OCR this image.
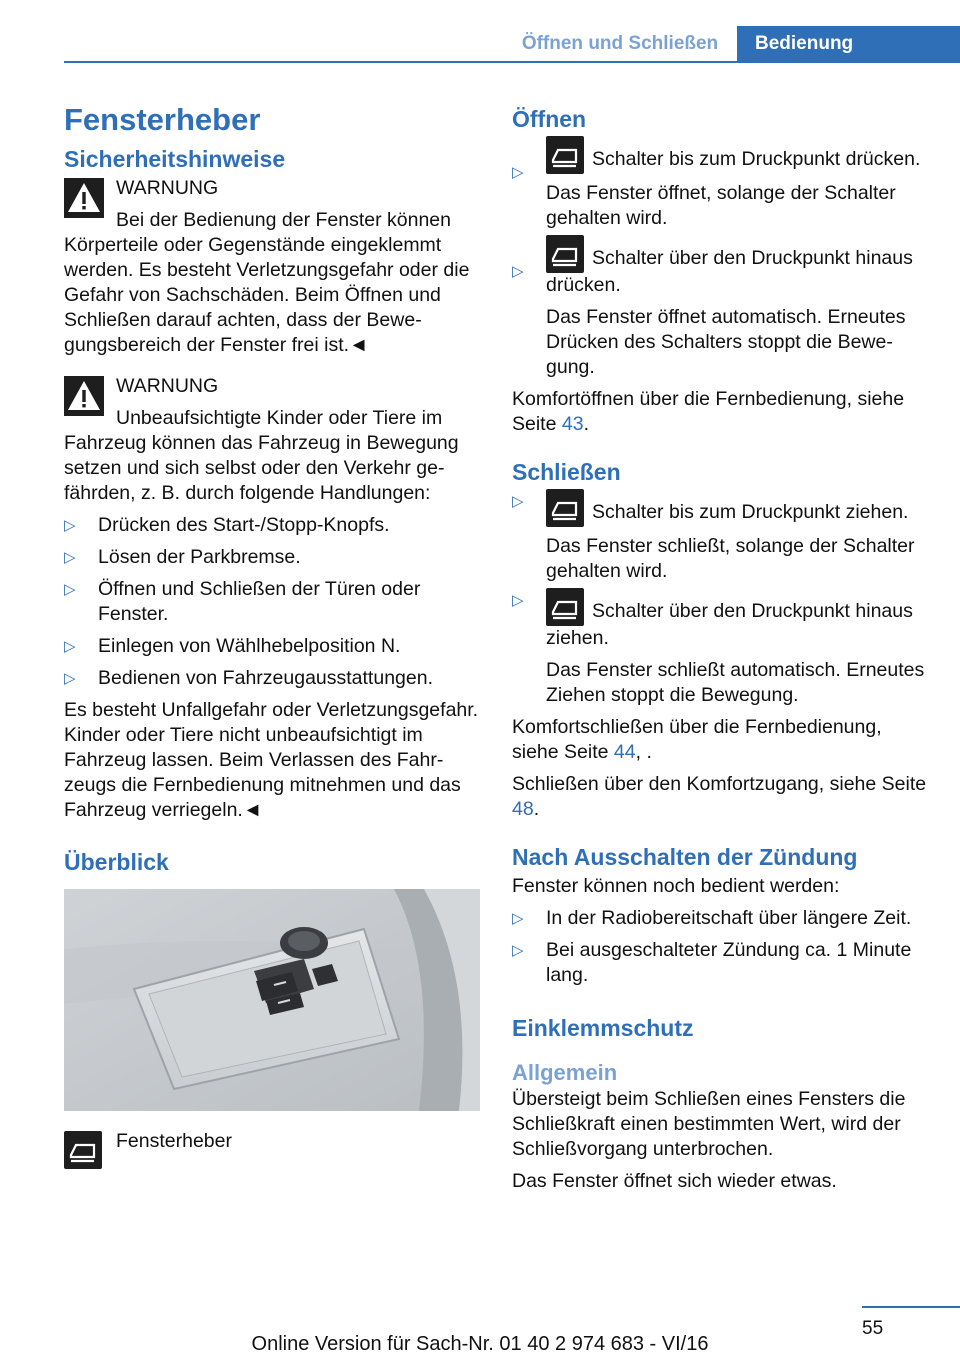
Öffnen und Schließen	Bedienung
Fensterheber
Sicherheitshinweise

WARNUNG

Bei der Bedienung der Fenster können

Körperteile oder Gegenstände eingeklemmt werden. Es besteht Verletzungsgefahr oder die Gefahr von Sachschäden. Beim Öffnen und Schließen darauf achten, dass der Bewegungsbereich der Fenster frei ist.◄

WARNUNG

Unbeaufsichtigte Kinder oder Tiere im

Fahrzeug können das Fahrzeug in Bewegung setzen und sich selbst oder den Verkehr gefährden, z. B. durch folgende Handlungen:

▷ Drücken des Start-/Stopp-Knopfs.
▷ Lösen der Parkbremse.
▷ Öffnen und Schließen der Türen oder Fenster.
▷ Einlegen von Wählhebelposition N.
▷ Bedienen von Fahrzeugausstattungen.

Es besteht Unfallgefahr oder Verletzungsgefahr. Kinder oder Tiere nicht unbeaufsichtigt im Fahrzeug lassen. Beim Verlassen des Fahrzeugs die Fernbedienung mitnehmen und das Fahrzeug verriegeln.◄

Überblick

Fensterheber

Öffnen
▷
Schalter bis zum Druckpunkt drücken.

Das Fenster öffnet, solange der Schalter gehalten wird.

▷
Schalter über den Druckpunkt hinaus drücken.

Das Fenster öffnet automatisch. Erneutes Drücken des Schalters stoppt die Bewegung.

Komfortöffnen über die Fernbedienung, siehe Seite 43.

Schließen
▷	Schalter bis zum Druckpunkt ziehen.

Das Fenster schließt, solange der Schalter gehalten wird.

▷	Schalter über den Druckpunkt hinaus ziehen.

Das Fenster schließt automatisch. Erneutes Ziehen stoppt die Bewegung.

Komfortschließen über die Fernbedienung, siehe Seite 44, .

Schließen über den Komfortzugang, siehe Seite 48.

Nach Ausschalten der Zündung

Fenster können noch bedient werden:

▷ In der Radiobereitschaft über längere Zeit.
▷ Bei ausgeschalteter Zündung ca. 1 Minute lang.
Einklemmschutz
Allgemein

Übersteigt beim Schließen eines Fensters die Schließkraft einen bestimmten Wert, wird der Schließvorgang unterbrochen.

Das Fenster öffnet sich wieder etwas.

55
Online Version für Sach-Nr. 01 40 2 974 683 - VI/16
